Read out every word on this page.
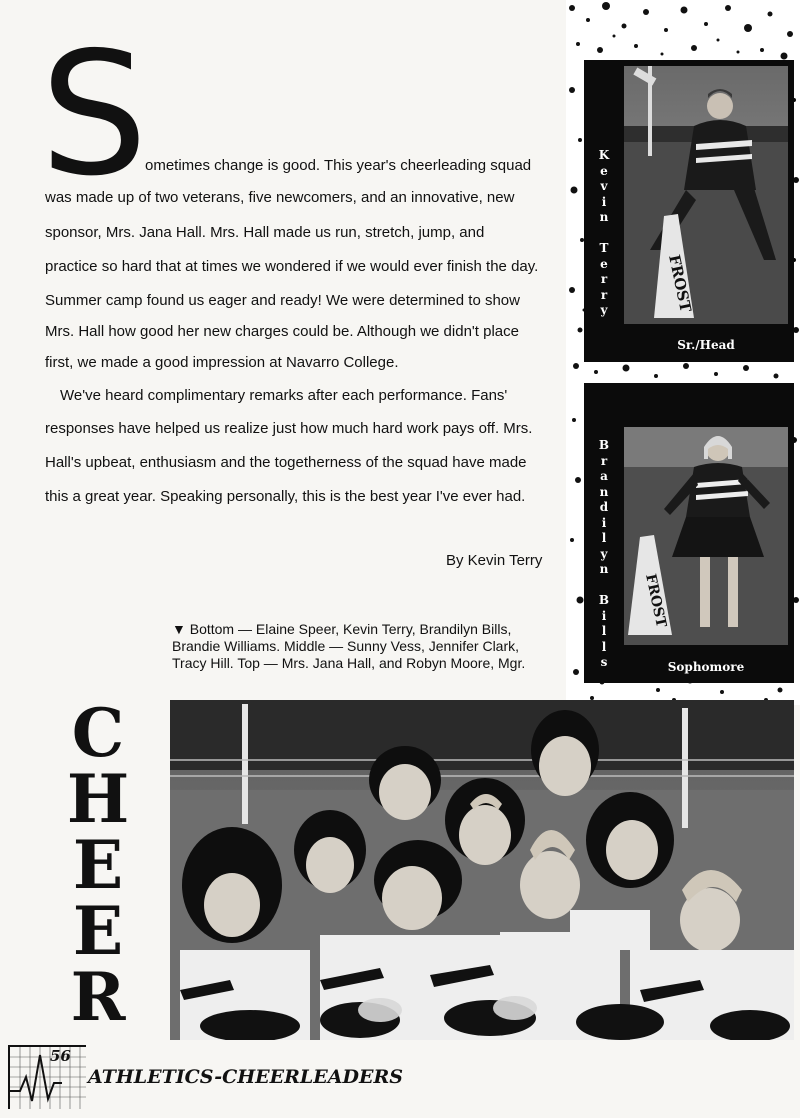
S
ometimes change is good. This year's cheerleading squad
was made up of two veterans, five newcomers, and an innovative, new
sponsor, Mrs. Jana Hall. Mrs. Hall made us run, stretch, jump, and
practice so hard that at times we wondered if we would ever finish the day.
Summer camp found us eager and ready! We were determined to show
Mrs. Hall how good her new charges could be. Although we didn't place
first, we made a good impression at Navarro College.
We've heard complimentary remarks after each performance. Fans'
responses have helped us realize just how much hard work pays off. Mrs.
Hall's upbeat, enthusiasm and the togetherness of the squad have made
this a great year. Speaking personally, this is the best year I've ever had.
By Kevin Terry
▼ Bottom — Elaine Speer, Kevin Terry, Brandilyn Bills, Brandie Williams. Middle — Sunny Vess, Jennifer Clark, Tracy Hill. Top — Mrs. Jana Hall, and Robyn Moore, Mgr.
K
e
v
i
n

T
e
r
r
y	FROST
Sr./Head
B
r
a
n
d
i
l
y
n

B
i
l
l
s
FROST
Sophomore
C
H
E
E
R
56
ATHLETICS-CHEERLEADERS
